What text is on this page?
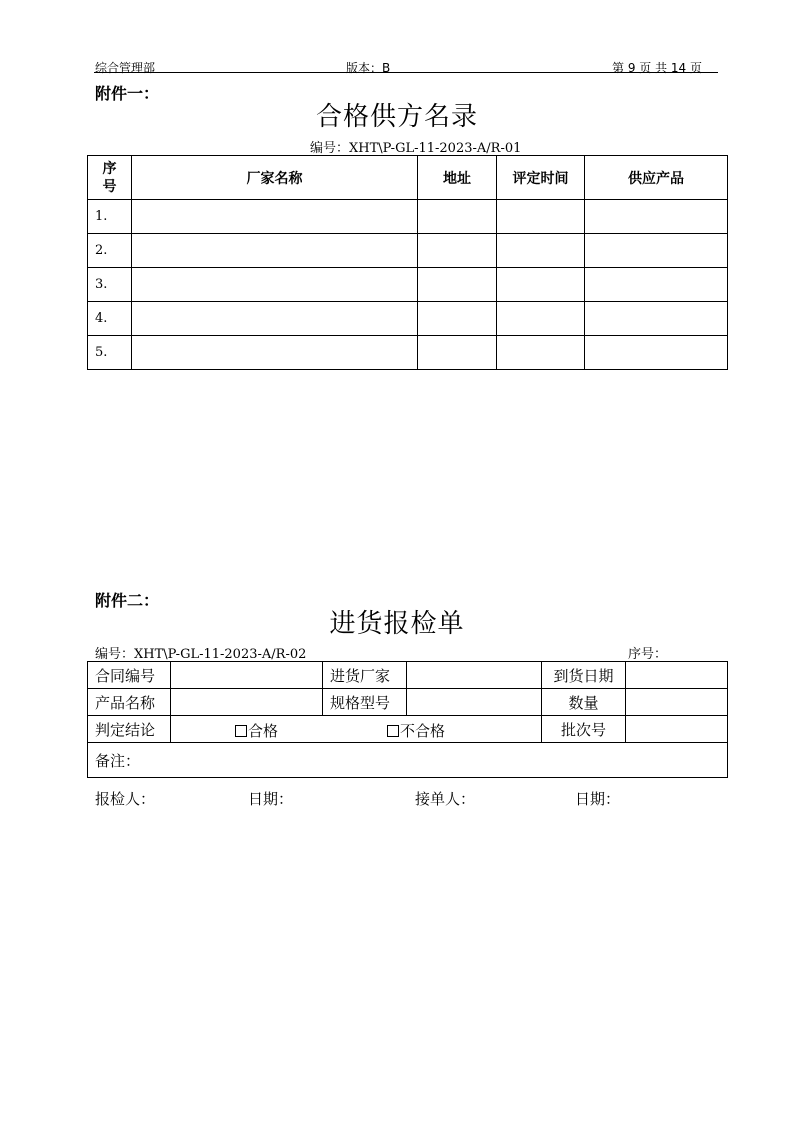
综合管理部	版本：B	第 9 页 共 14 页
附件一：
合格供方名录
编号：XHT\P-GL-11-2023-A/R-01
序
号	厂家名称	地址	评定时间	供应产品
1.				
2.				
3.				
4.				
5.				
附件二：
进货报检单
编号：XHT\P-GL-11-2023-A/R-02	序号：
合同编号		进货厂家		到货日期	
产品名称		规格型号		数量	
判定结论	合格 不合格			批次号	
备注：					
报检人：	日期：	接单人：	日期：
